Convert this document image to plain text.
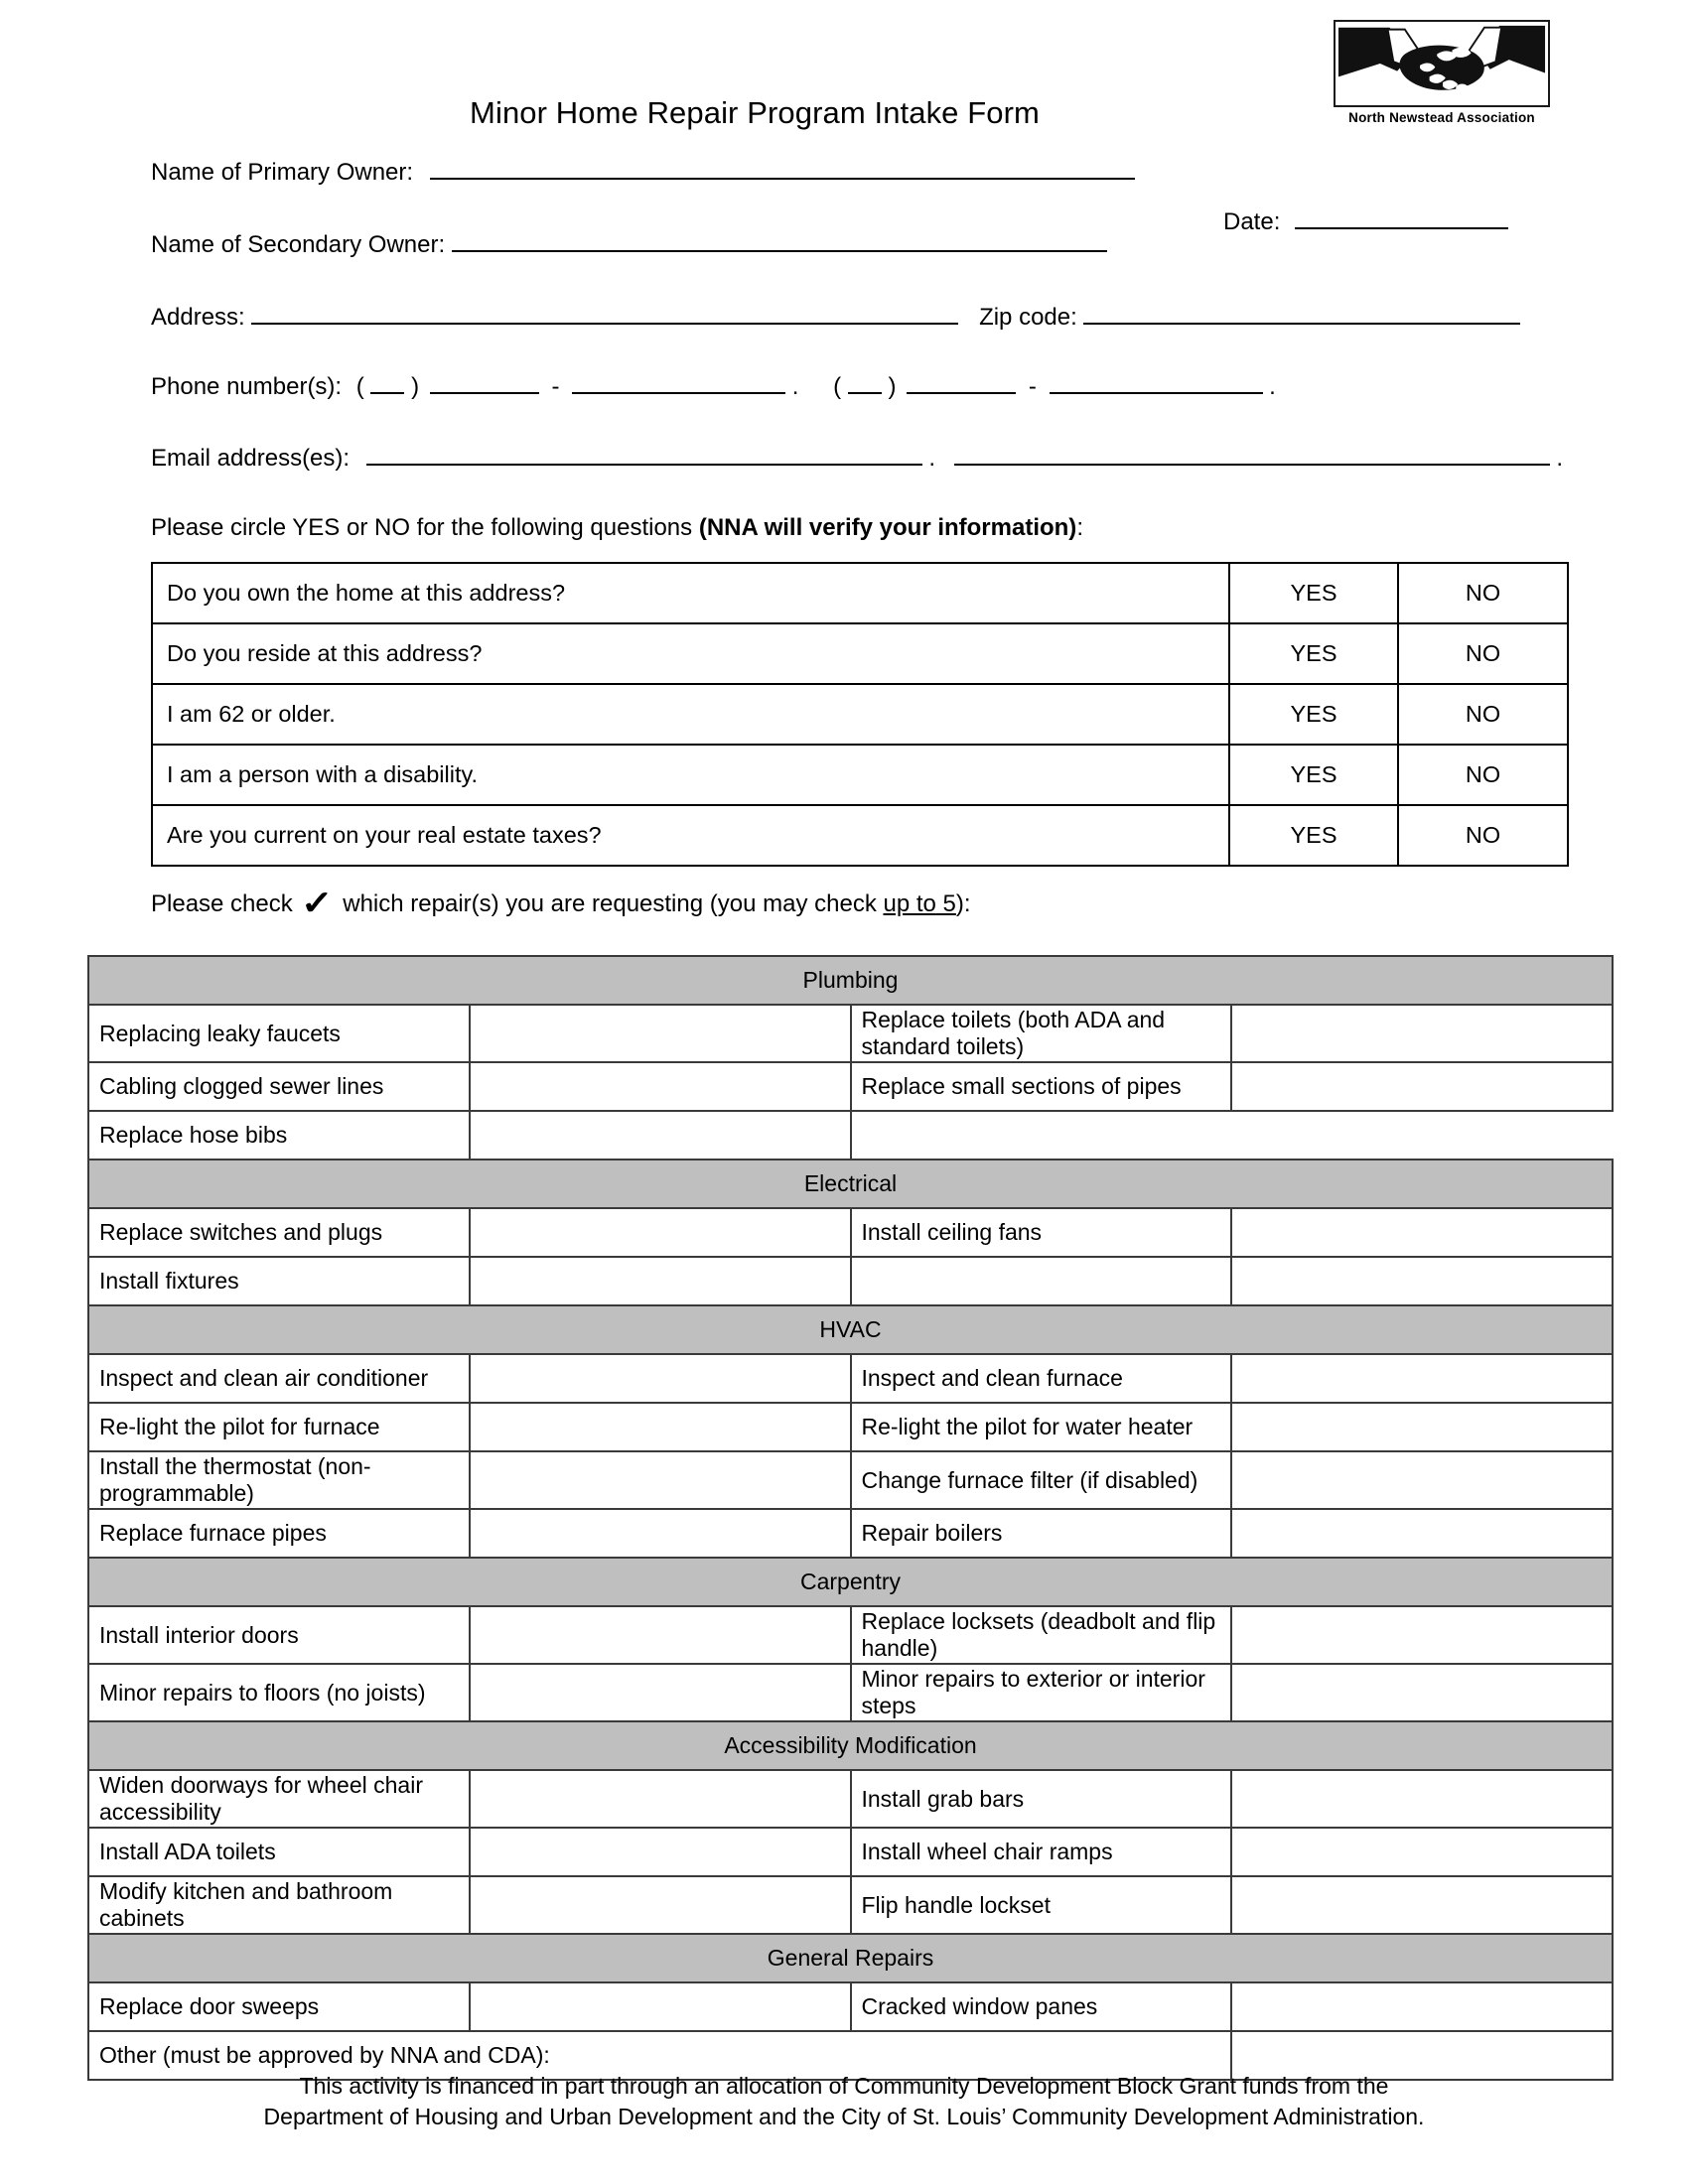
North Newstead Association
Minor Home Repair Program Intake Form
Name of Primary Owner:
Date:
Name of Secondary Owner:
Address:	Zip code:
Phone number(s): ( )	-	. ( )	-	.
Email address(es):	.	.
Please circle YES or NO for the following questions (NNA will verify your information):
Do you own the home at this address?	YES	NO
Do you reside at this address?	YES	NO
I am 62 or older.	YES	NO
I am a person with a disability.	YES	NO
Are you current on your real estate taxes?	YES	NO
Please check ✓ which repair(s) you are requesting (you may check up to 5):
Plumbing			
Replacing leaky faucets		Replace toilets (both ADA and standard toilets)	
Cabling clogged sewer lines		Replace small sections of pipes	
Replace hose bibs			
Electrical			
Replace switches and plugs		Install ceiling fans	
Install fixtures			
HVAC			
Inspect and clean air conditioner		Inspect and clean furnace	
Re-light the pilot for furnace		Re-light the pilot for water heater	
Install the thermostat (non-programmable)		Change furnace filter (if disabled)	
Replace furnace pipes		Repair boilers	
Carpentry			
Install interior doors		Replace locksets (deadbolt and flip handle)	
Minor repairs to floors (no joists)		Minor repairs to exterior or interior steps	
Accessibility Modification			
Widen doorways for wheel chair accessibility		Install grab bars	
Install ADA toilets		Install wheel chair ramps	
Modify kitchen and bathroom cabinets		Flip handle lockset	
General Repairs			
Replace door sweeps		Cracked window panes	
Other (must be approved by NNA and CDA):			
This activity is financed in part through an allocation of Community Development Block Grant funds from the
Department of Housing and Urban Development and the City of St. Louis’ Community Development Administration.
